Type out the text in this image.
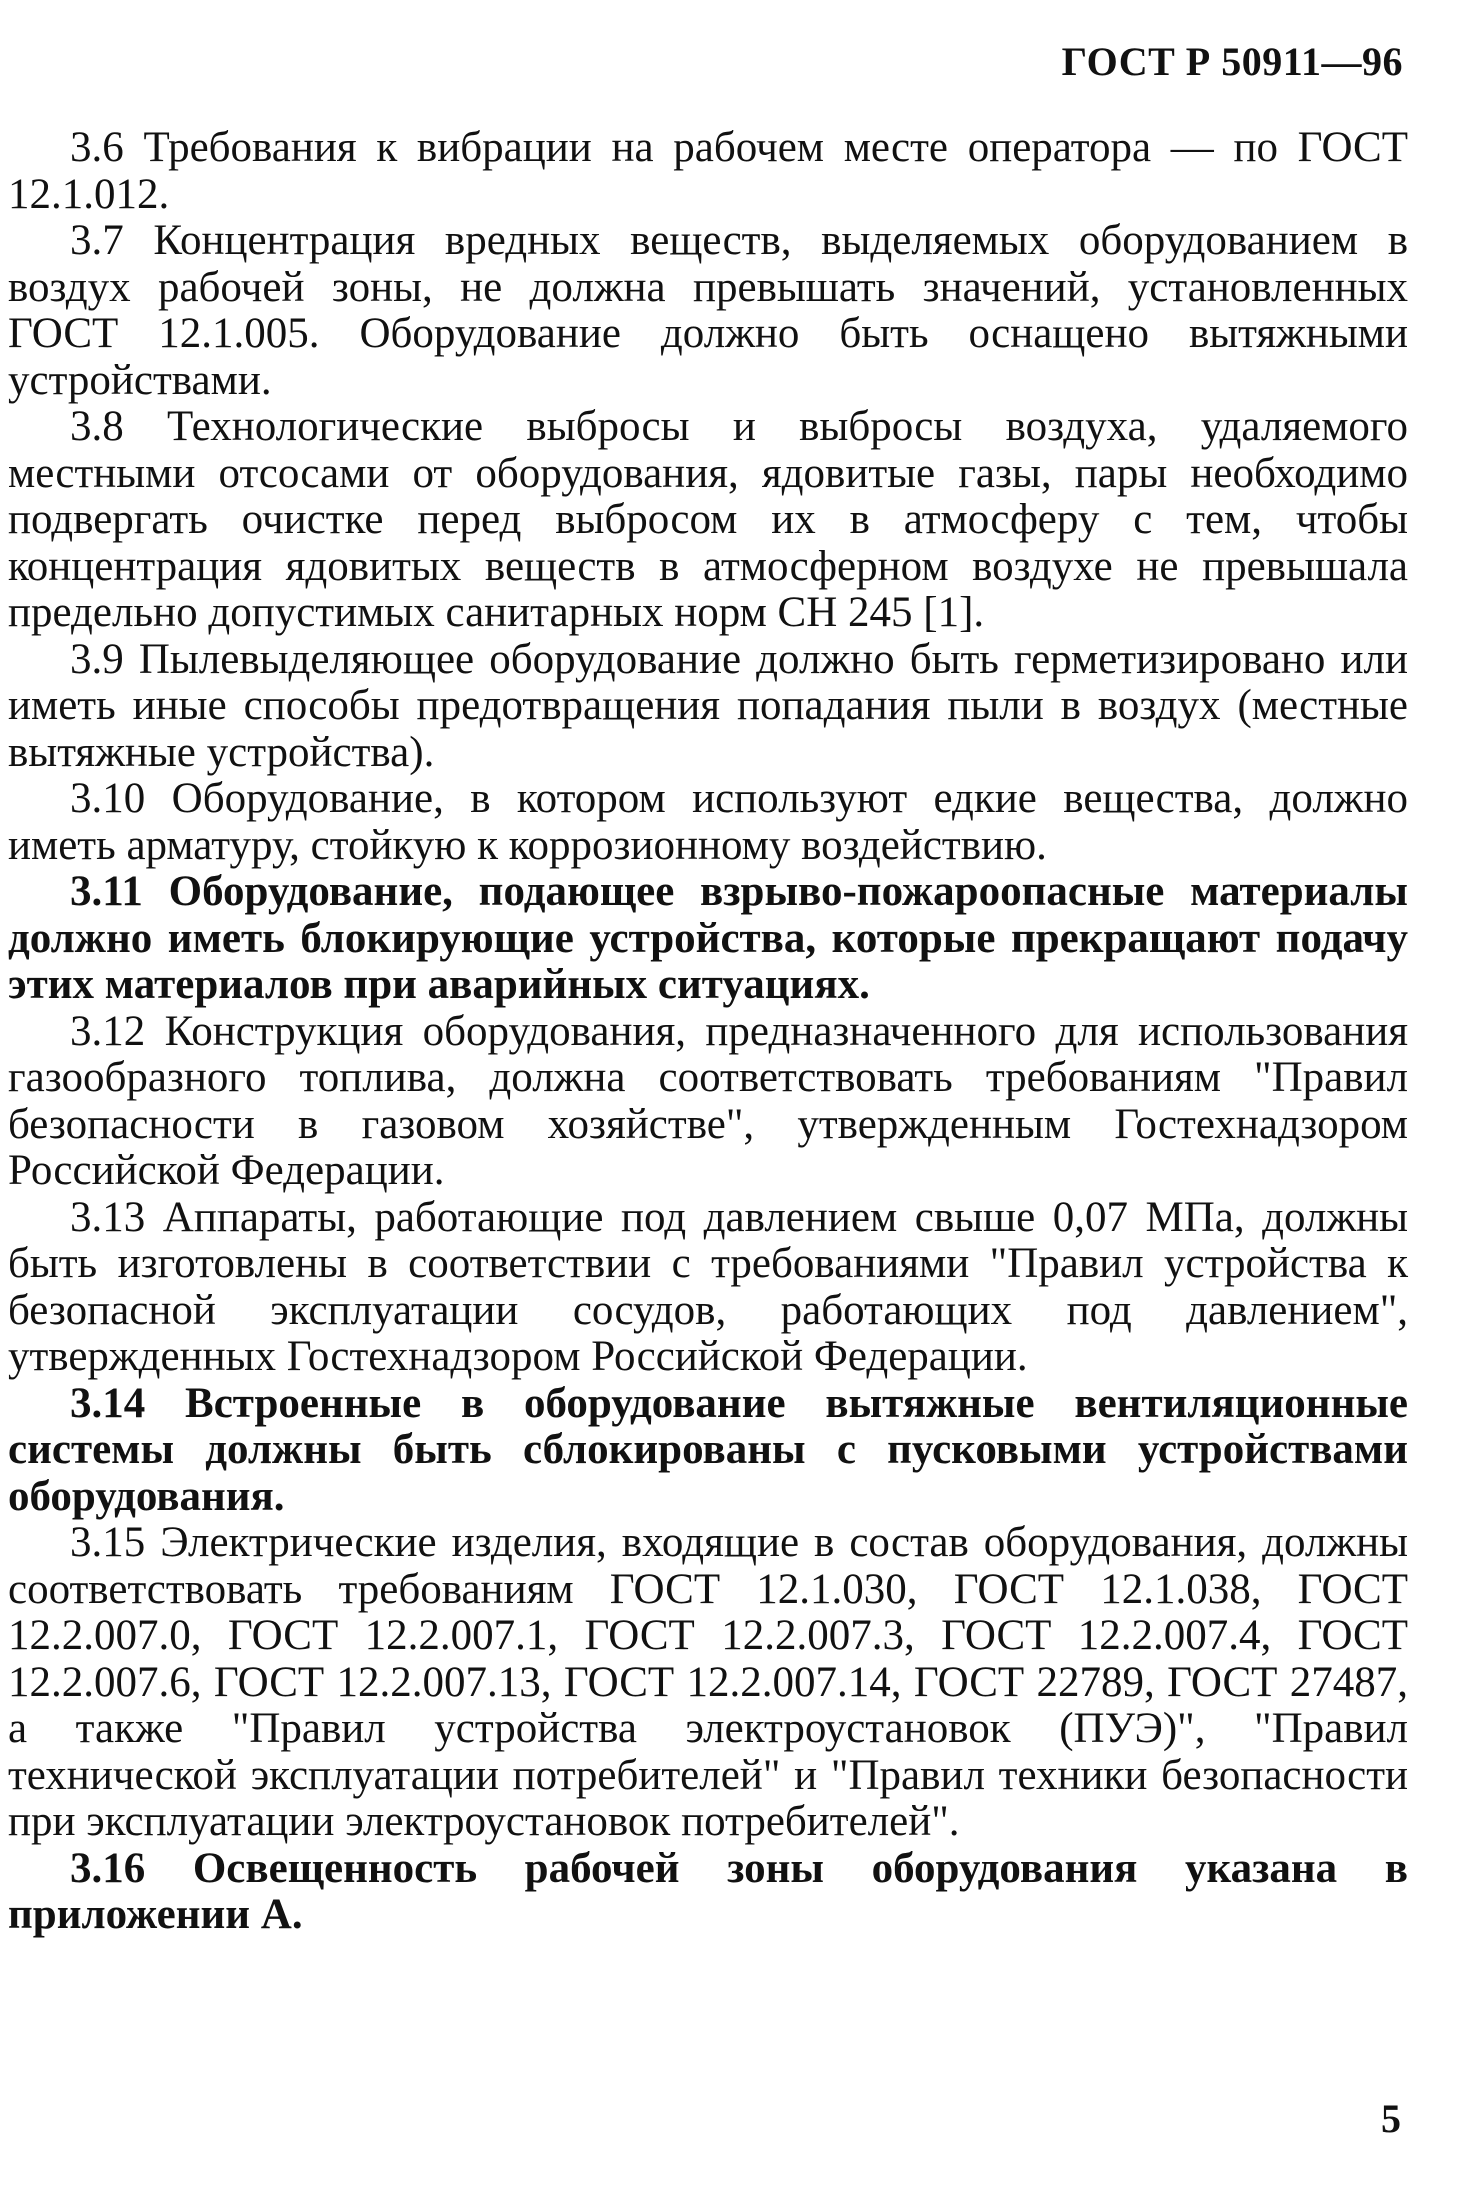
ГОСТ Р 50911—96

3.6 Требования к вибрации на рабочем месте оператора — по ГОСТ 12.1.012.

3.7 Концентрация вредных веществ, выделяемых оборудованием в воздух рабочей зоны, не должна превышать значений, установленных ГОСТ 12.1.005. Оборудование должно быть оснащено вытяжными устройствами.

3.8 Технологические выбросы и выбросы воздуха, удаляемого местными отсосами от оборудования, ядовитые газы, пары необходимо подвергать очистке перед выбросом их в атмосферу с тем, чтобы концентрация ядовитых веществ в атмосферном воздухе не превышала предельно допустимых санитарных норм СН 245 [1].

3.9 Пылевыделяющее оборудование должно быть герметизировано или иметь иные способы предотвращения попадания пыли в воздух (местные вытяжные устройства).

3.10 Оборудование, в котором используют едкие вещества, должно иметь арматуру, стойкую к коррозионному воздействию.

3.11 Оборудование, подающее взрыво-пожароопасные материалы должно иметь блокирующие устройства, которые прекращают подачу этих материалов при аварийных ситуациях.

3.12 Конструкция оборудования, предназначенного для использования газообразного топлива, должна соответствовать требованиям "Правил безопасности в газовом хозяйстве", утвержденным Гостехнадзором Российской Федерации.

3.13 Аппараты, работающие под давлением свыше 0,07 МПа, должны быть изготовлены в соответствии с требованиями "Правил устройства к безопасной эксплуатации сосудов, работающих под давлением", утвержденных Гостехнадзором Российской Федерации.

3.14 Встроенные в оборудование вытяжные вентиляционные системы должны быть сблокированы с пусковыми устройствами оборудования.

3.15 Электрические изделия, входящие в состав оборудования, должны соответствовать требованиям ГОСТ 12.1.030, ГОСТ 12.1.038, ГОСТ 12.2.007.0, ГОСТ 12.2.007.1, ГОСТ 12.2.007.3, ГОСТ 12.2.007.4, ГОСТ 12.2.007.6, ГОСТ 12.2.007.13, ГОСТ 12.2.007.14, ГОСТ 22789, ГОСТ 27487, а также "Правил устройства электроустановок (ПУЭ)", "Правил технической эксплуатации потребителей" и "Правил техники безопасности при эксплуатации электроустановок потребителей".

3.16 Освещенность рабочей зоны оборудования указана в приложении А.

5
